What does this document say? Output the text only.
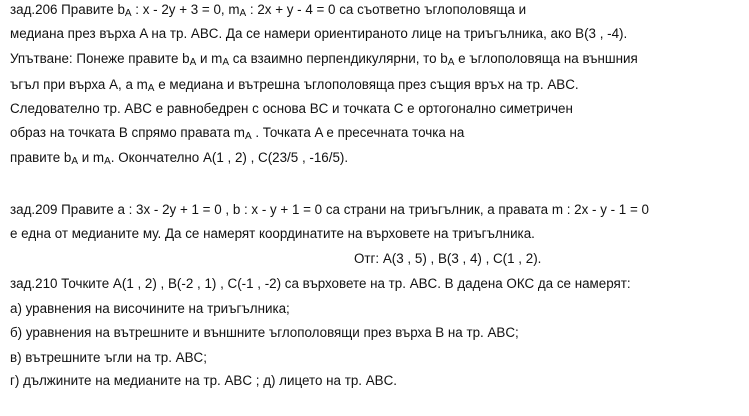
зад.206 Правите $b_A$ : x - 2y + 3 = 0, $m_A$ : 2x + y - 4 = 0 са съответно ъглополовяща и
медиана през върха A на тр. ABC. Да се намери ориентираното лице на триъгълника, ако B(3 , -4).
Упътване: Понеже правите $b_A$ и $m_A$ са взаимно перпендикулярни, то $b_A$ е ъглополовяща на външния
ъгъл при върха A, а $m_A$ е медиана и вътрешна ъглополовяща през същия връх на тр. ABC.
Следователно тр. ABC е равнобедрен с основа BC и точката C е ортогонално симетричен
образ на точката B спрямо правата $m_A$ . Точката A е пресечната точка на
правите $b_A$ и $m_A$. Окончателно A(1 , 2) , C(23/5 , -16/5).
зад.209 Правите a : 3x - 2y + 1 = 0 , b : x - y + 1 = 0 са страни на триъгълник, а правата m : 2x - y - 1 = 0
е една от медианите му. Да се намерят координатите на върховете на триъгълника.
Отг: A(3 , 5) , B(3 , 4) , C(1 , 2).
зад.210 Точките A(1 , 2) , B(-2 , 1) , C(-1 , -2) са върховете на тр. ABC. В дадена ОКС да се намерят:
а) уравнения на височините на триъгълника;
б) уравнения на вътрешните и външните ъглополовящи през върха B на тр. ABC;
в) вътрешните ъгли на тр. ABC;
г) дължините на медианите на тр. ABC ; д) лицето на тр. ABC.
